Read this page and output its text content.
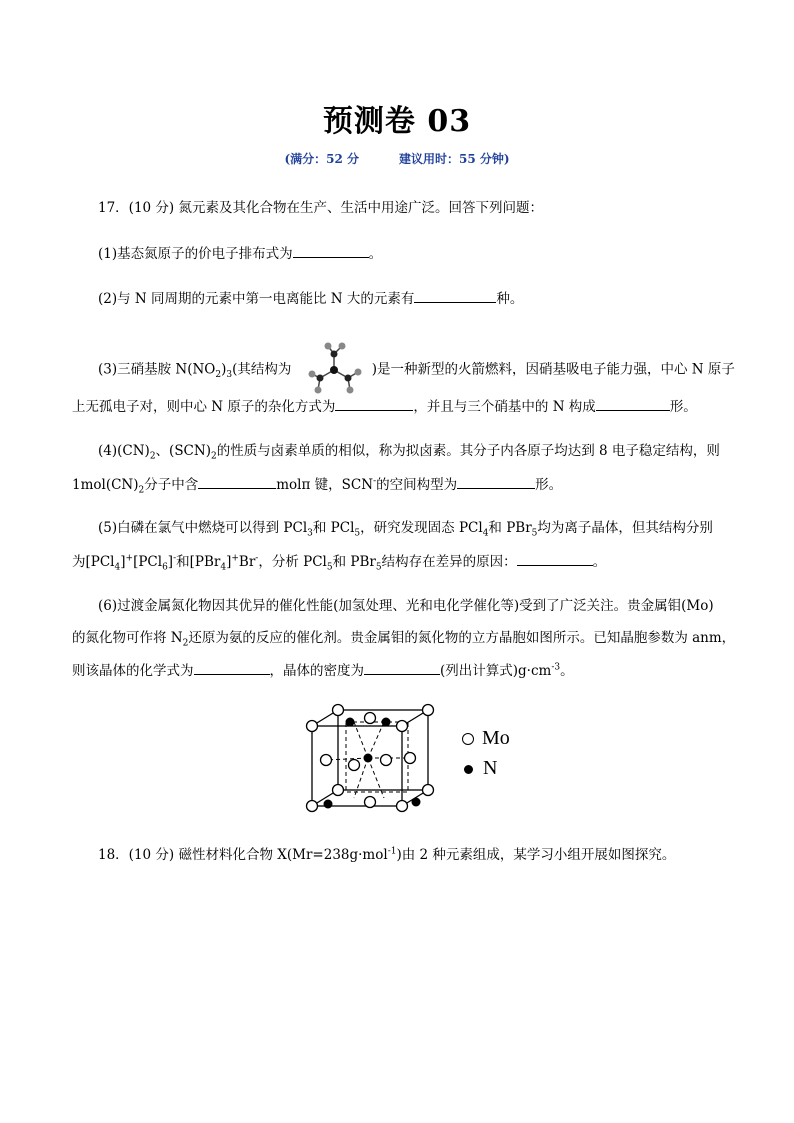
预测卷 03
(满分：52 分	建议用时：55 分钟)
17．(10 分) 氮元素及其化合物在生产、生活中用途广泛。回答下列问题：
(1)基态氮原子的价电子排布式为	。
(2)与 N 同周期的元素中第一电离能比 N 大的元素有	种。
(3)三硝基胺 $N(NO_2)_3$(其结构为	)是一种新型的火箭燃料，因硝基吸电子能力强，中心 N 原子
上无孤电子对，则中心 N 原子的杂化方式为	，并且与三个硝基中的 N 构成	形。
$(4)(CN)_2$、$(SCN)_2$的性质与卤素单质的相似，称为拟卤素。其分子内各原子均达到 8 电子稳定结构，则
$1mol(CN)_2$分子中含	molπ 键，SCN-的空间构型为	形。
(5)白磷在氯气中燃烧可以得到 PCl$_3$和 PCl$_5$，研究发现固态 PCl$_4$和 PBr$_5$均为离子晶体，但其结构分别
为[PCl$_4$]+[PCl$_6$]-和[PBr$_4$]+Br-，分析 PCl$_5$和 PBr$_5$结构存在差异的原因：	。
(6)过渡金属氮化物因其优异的催化性能(加氢处理、光和电化学催化等)受到了广泛关注。贵金属钼(Mo)
的氮化物可作将 $N_2$还原为氨的反应的催化剂。贵金属钼的氮化物的立方晶胞如图所示。已知晶胞参数为 anm，
则该晶体的化学式为	，晶体的密度为	(列出计算式)$g\cdot cm^{-3}$。
Mo
N
18．(10 分) 磁性材料化合物 X(Mr=238g·mol$^{-1}$)由 2 种元素组成，某学习小组开展如图探究。
